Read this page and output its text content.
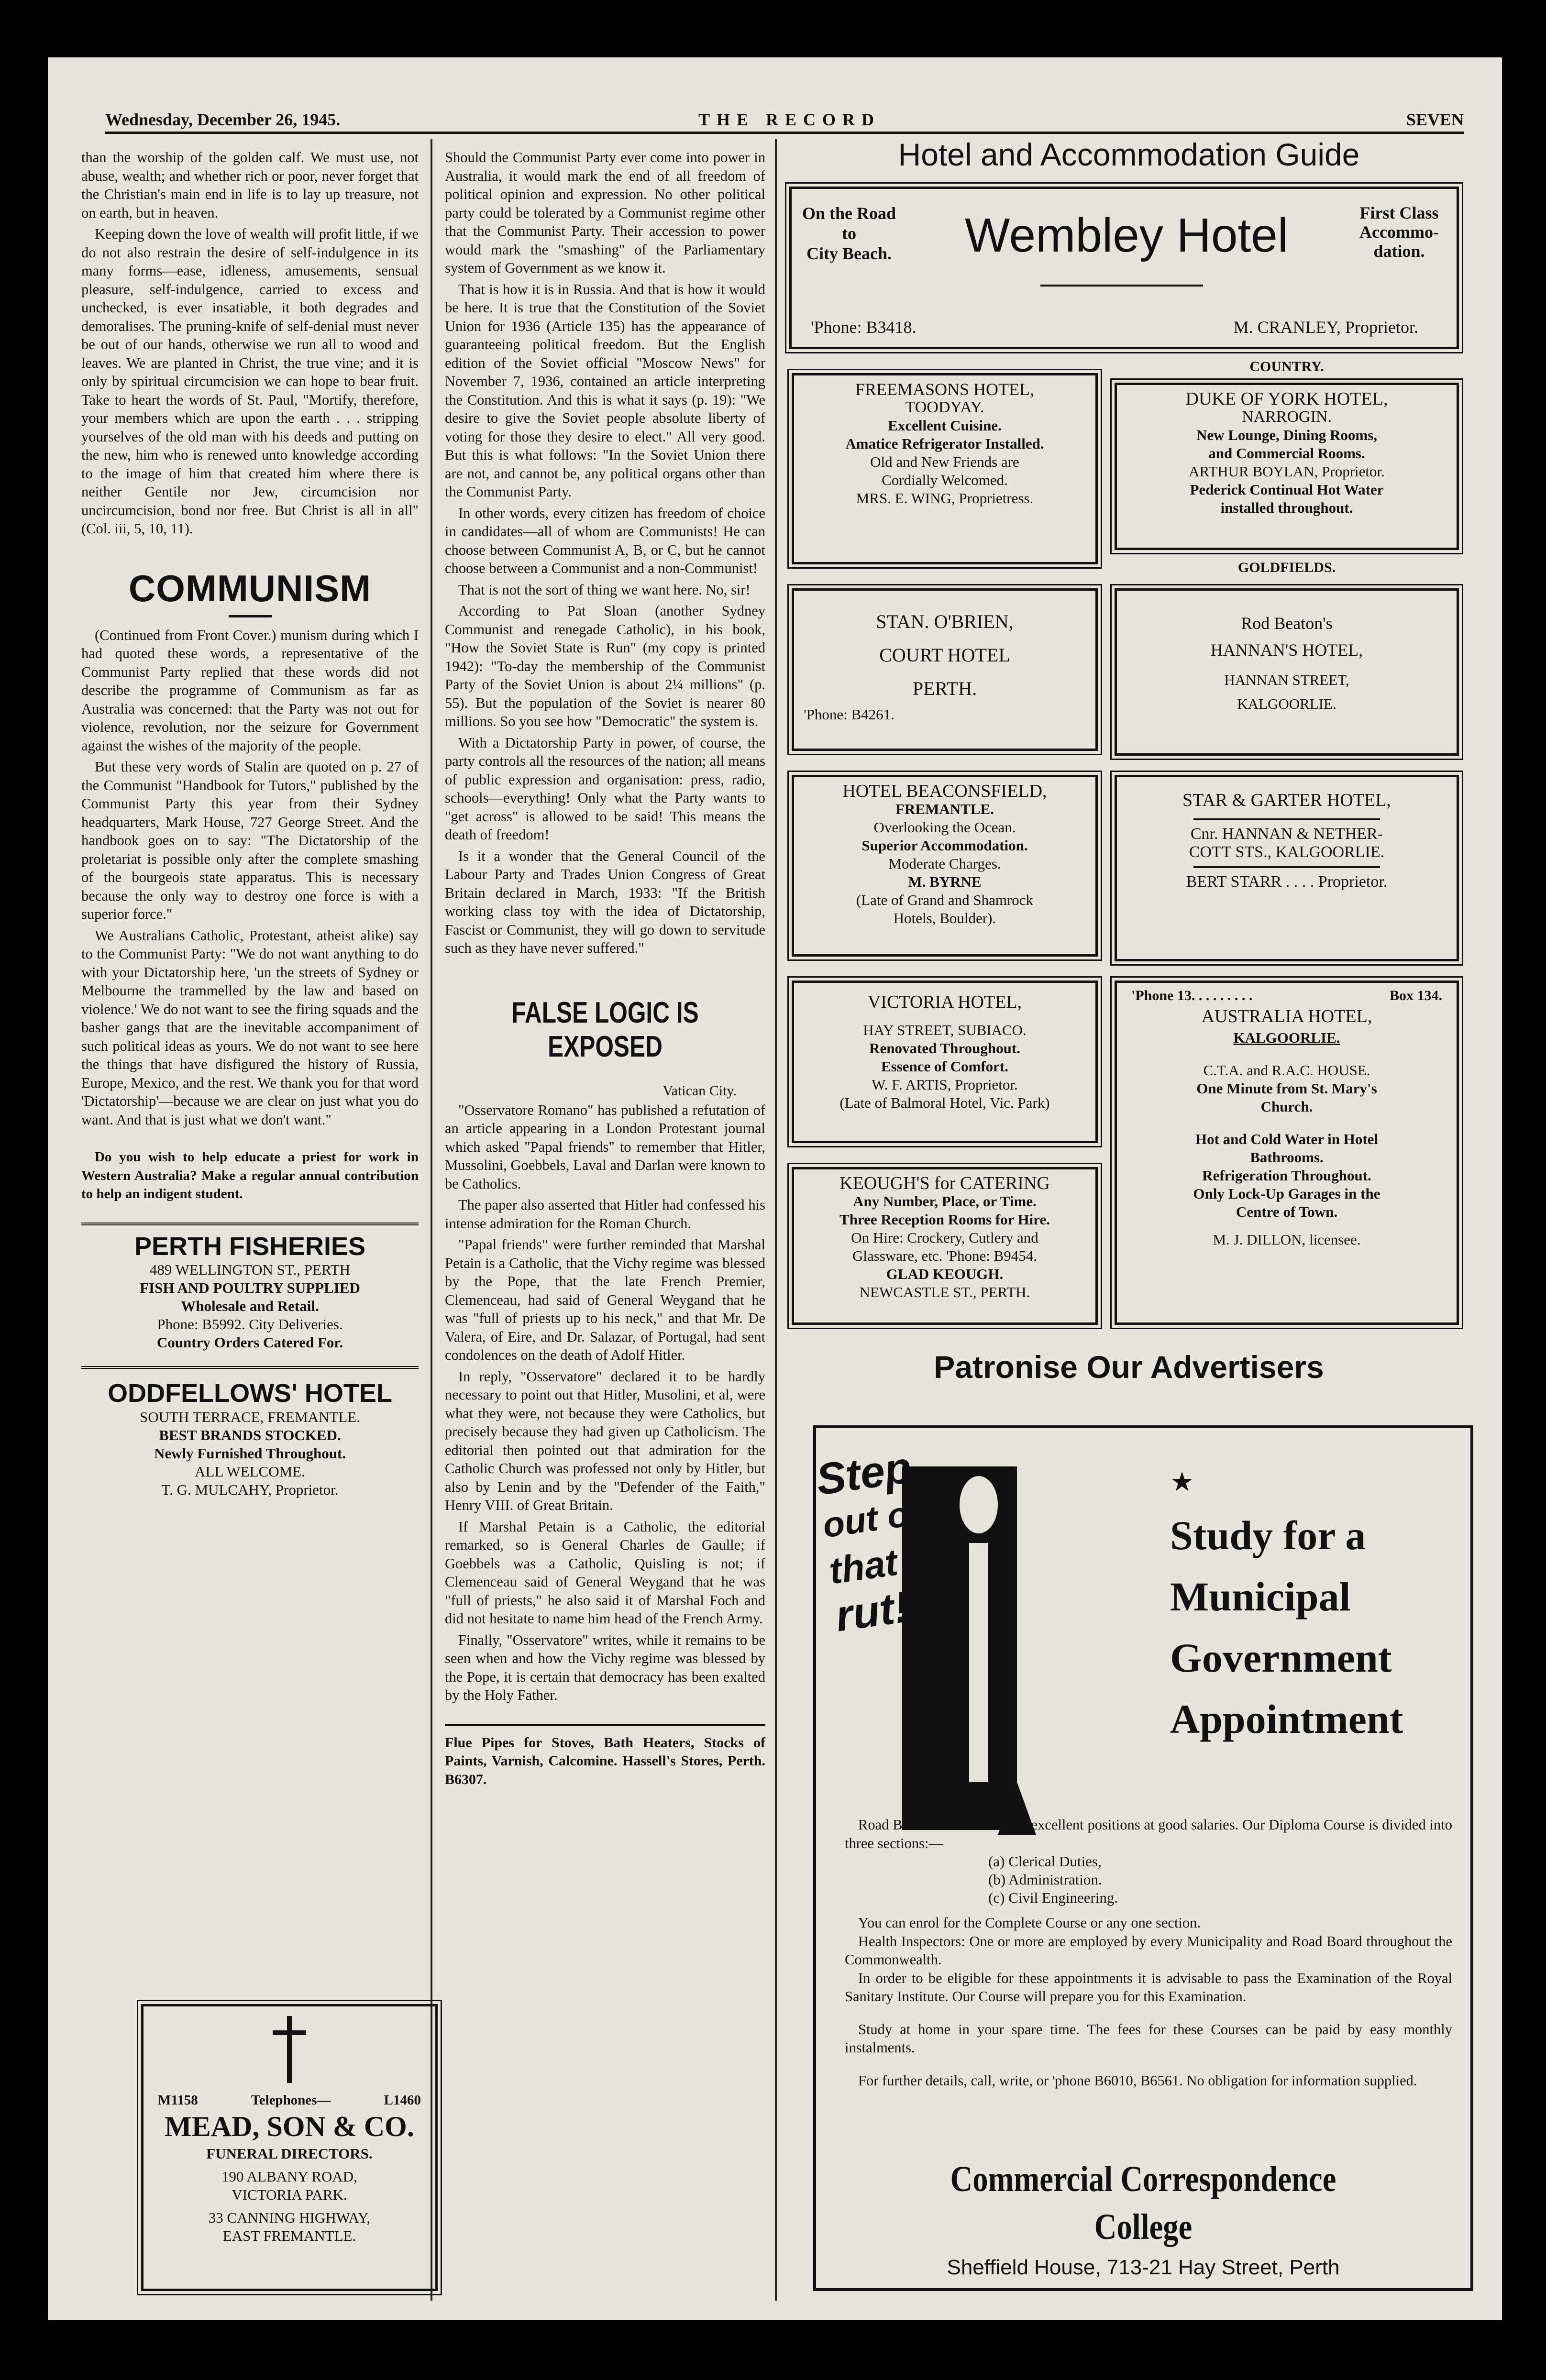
Wednesday, December 26, 1945.	THE RECORD	SEVEN

than the worship of the golden calf. We must use, not abuse, wealth; and whether rich or poor, never forget that the Christian's main end in life is to lay up treasure, not on earth, but in heaven.

Keeping down the love of wealth will profit little, if we do not also restrain the desire of self-indulgence in its many forms—ease, idleness, amusements, sensual pleasure, self-indulgence, carried to excess and unchecked, is ever insatiable, it both degrades and demoralises. The pruning-knife of self-denial must never be out of our hands, otherwise we run all to wood and leaves. We are planted in Christ, the true vine; and it is only by spiritual circumcision we can hope to bear fruit. Take to heart the words of St. Paul, "Mortify, therefore, your members which are upon the earth . . . stripping yourselves of the old man with his deeds and putting on the new, him who is renewed unto knowledge according to the image of him that created him where there is neither Gentile nor Jew, circumcision nor uncircumcision, bond nor free. But Christ is all in all" (Col. iii, 5, 10, 11).

COMMUNISM

(Continued from Front Cover.) munism during which I had quoted these words, a representative of the Communist Party replied that these words did not describe the programme of Communism as far as Australia was concerned: that the Party was not out for violence, revolution, nor the seizure for Government against the wishes of the majority of the people.

But these very words of Stalin are quoted on p. 27 of the Communist "Handbook for Tutors," published by the Communist Party this year from their Sydney headquarters, Mark House, 727 George Street. And the handbook goes on to say: "The Dictatorship of the proletariat is possible only after the complete smashing of the bourgeois state apparatus. This is necessary because the only way to destroy one force is with a superior force."

We Australians Catholic, Protestant, atheist alike) say to the Communist Party: "We do not want anything to do with your Dictatorship here, 'un the streets of Sydney or Melbourne the trammelled by the law and based on violence.' We do not want to see the firing squads and the basher gangs that are the inevitable accompaniment of such political ideas as yours. We do not want to see here the things that have disfigured the history of Russia, Europe, Mexico, and the rest. We thank you for that word 'Dictatorship'—because we are clear on just what you do want. And that is just what we don't want."

Do you wish to help educate a priest for work in Western Australia? Make a regular annual contribution to help an indigent student.

PERTH FISHERIES
489 WELLINGTON ST., PERTH
FISH AND POULTRY SUPPLIED
Wholesale and Retail.
Phone: B5992. City Deliveries.
Country Orders Catered For.
ODDFELLOWS' HOTEL
SOUTH TERRACE, FREMANTLE.
BEST BRANDS STOCKED.
Newly Furnished Throughout.
ALL WELCOME.
T. G. MULCAHY, Proprietor.
M1158	Telephones—	L1460
MEAD, SON & CO.
FUNERAL DIRECTORS.
190 ALBANY ROAD,
VICTORIA PARK.
33 CANNING HIGHWAY,
EAST FREMANTLE.

Should the Communist Party ever come into power in Australia, it would mark the end of all freedom of political opinion and expression. No other political party could be tolerated by a Communist regime other that the Communist Party. Their accession to power would mark the "smashing" of the Parliamentary system of Government as we know it.

That is how it is in Russia. And that is how it would be here. It is true that the Constitution of the Soviet Union for 1936 (Article 135) has the appearance of guaranteeing political freedom. But the English edition of the Soviet official "Moscow News" for November 7, 1936, contained an article interpreting the Constitution. And this is what it says (p. 19): "We desire to give the Soviet people absolute liberty of voting for those they desire to elect." All very good. But this is what follows: "In the Soviet Union there are not, and cannot be, any political organs other than the Communist Party.

In other words, every citizen has freedom of choice in candidates—all of whom are Communists! He can choose between Communist A, B, or C, but he cannot choose between a Communist and a non-Communist!

That is not the sort of thing we want here. No, sir!

According to Pat Sloan (another Sydney Communist and renegade Catholic), in his book, "How the Soviet State is Run" (my copy is printed 1942): "To-day the membership of the Communist Party of the Soviet Union is about 2¼ millions" (p. 55). But the population of the Soviet is nearer 80 millions. So you see how "Democratic" the system is.

With a Dictatorship Party in power, of course, the party controls all the resources of the nation; all means of public expression and organisation: press, radio, schools—everything! Only what the Party wants to "get across" is allowed to be said! This means the death of freedom!

Is it a wonder that the General Council of the Labour Party and Trades Union Congress of Great Britain declared in March, 1933: "If the British working class toy with the idea of Dictatorship, Fascist or Communist, they will go down to servitude such as they have never suffered."

FALSE LOGIC IS EXPOSED
Vatican City.

"Osservatore Romano" has published a refutation of an article appearing in a London Protestant journal which asked "Papal friends" to remember that Hitler, Mussolini, Goebbels, Laval and Darlan were known to be Catholics.

The paper also asserted that Hitler had confessed his intense admiration for the Roman Church.

"Papal friends" were further reminded that Marshal Petain is a Catholic, that the Vichy regime was blessed by the Pope, that the late French Premier, Clemenceau, had said of General Weygand that he was "full of priests up to his neck," and that Mr. De Valera, of Eire, and Dr. Salazar, of Portugal, had sent condolences on the death of Adolf Hitler.

In reply, "Osservatore" declared it to be hardly necessary to point out that Hitler, Musolini, et al, were what they were, not because they were Catholics, but precisely because they had given up Catholicism. The editorial then pointed out that admiration for the Catholic Church was professed not only by Hitler, but also by Lenin and by the "Defender of the Faith," Henry VIII. of Great Britain.

If Marshal Petain is a Catholic, the editorial remarked, so is General Charles de Gaulle; if Goebbels was a Catholic, Quisling is not; if Clemenceau said of General Weygand that he was "full of priests," he also said it of Marshal Foch and did not hesitate to name him head of the French Army.

Finally, "Osservatore" writes, while it remains to be seen when and how the Vichy regime was blessed by the Pope, it is certain that democracy has been exalted by the Holy Father.

Flue Pipes for Stoves, Bath Heaters, Stocks of Paints, Varnish, Calcomine. Hassell's Stores, Perth. B6307.

Hotel and Accommodation Guide
On the Road
to
City Beach.	Wembley Hotel	First Class
Accommo-
dation.
'Phone: B3418.	M. CRANLEY, Proprietor.
FREEMASONS HOTEL,
TOODYAY.
Excellent Cuisine.
Amatice Refrigerator Installed.
Old and New Friends are
Cordially Welcomed.
MRS. E. WING, Proprietress.
STAN. O'BRIEN,
COURT HOTEL
PERTH.
'Phone: B4261.
HOTEL BEACONSFIELD,
FREMANTLE.
Overlooking the Ocean.
Superior Accommodation.
Moderate Charges.
M. BYRNE
(Late of Grand and Shamrock
Hotels, Boulder).
VICTORIA HOTEL,
HAY STREET, SUBIACO.
Renovated Throughout.
Essence of Comfort.
W. F. ARTIS, Proprietor.
(Late of Balmoral Hotel, Vic. Park)
KEOUGH'S for CATERING
Any Number, Place, or Time.
Three Reception Rooms for Hire.
On Hire: Crockery, Cutlery and
Glassware, etc. 'Phone: B9454.
GLAD KEOUGH.
NEWCASTLE ST., PERTH.
COUNTRY.
DUKE OF YORK HOTEL,
NARROGIN.
New Lounge, Dining Rooms,
and Commercial Rooms.
ARTHUR BOYLAN, Proprietor.
Pederick Continual Hot Water
installed throughout.
GOLDFIELDS.
Rod Beaton's
HANNAN'S HOTEL,
HANNAN STREET,
KALGOORLIE.
STAR & GARTER HOTEL,
Cnr. HANNAN & NETHER-
COTT STS., KALGOORLIE.
BERT STARR . . . . Proprietor.
'Phone 13. . . . . . . . .	Box 134.
AUSTRALIA HOTEL,
KALGOORLIE.
C.T.A. and R.A.C. HOUSE.
One Minute from St. Mary's
Church.
Hot and Cold Water in Hotel
Bathrooms.
Refrigeration Throughout.
Only Lock-Up Garages in the
Centre of Town.
M. J. DILLON, licensee.
Patronise Our Advertisers
Step
out of
that
rut!
★
Study for a
Municipal
Government
Appointment

Road Board Secretaries have excellent positions at good salaries. Our Diploma Course is divided into three sections:—

(a) Clerical Duties,
(b) Administration.
(c) Civil Engineering.

You can enrol for the Complete Course or any one section.

Health Inspectors: One or more are employed by every Municipality and Road Board throughout the Commonwealth.

In order to be eligible for these appointments it is advisable to pass the Examination of the Royal Sanitary Institute. Our Course will prepare you for this Examination.

Study at home in your spare time. The fees for these Courses can be paid by easy monthly instalments.

For further details, call, write, or 'phone B6010, B6561. No obligation for information supplied.

Commercial Correspondence
College
Sheffield House, 713-21 Hay Street, Perth
